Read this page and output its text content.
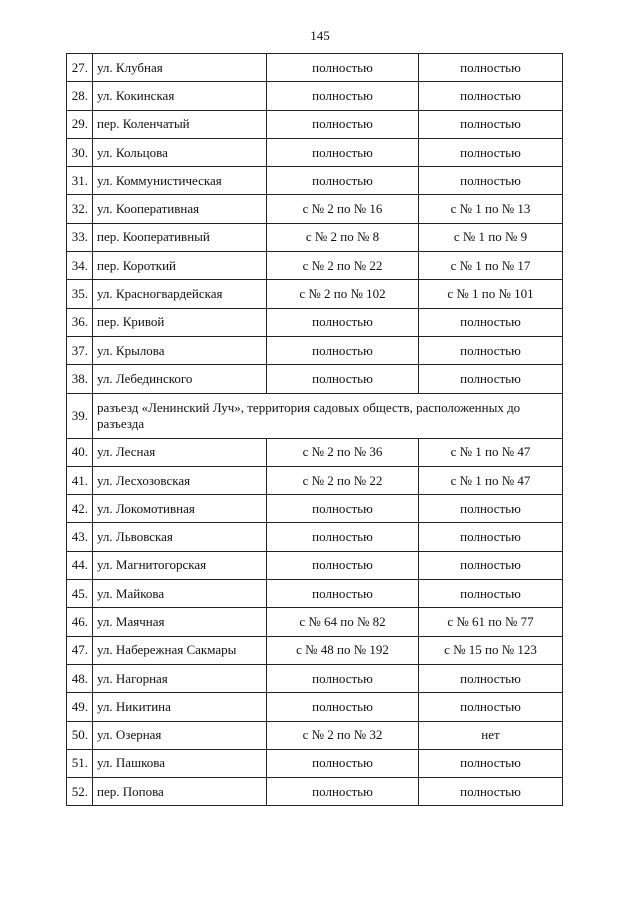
145
27.	ул. Клубная	полностью	полностью
28.	ул. Кокинская	полностью	полностью
29.	пер. Коленчатый	полностью	полностью
30.	ул. Кольцова	полностью	полностью
31.	ул. Коммунистическая	полностью	полностью
32.	ул. Кооперативная	с № 2 по № 16	с № 1 по № 13
33.	пер. Кооперативный	с № 2 по № 8	с № 1 по № 9
34.	пер. Короткий	с № 2 по № 22	с № 1 по № 17
35.	ул. Красногвардейская	с № 2 по № 102	с № 1 по № 101
36.	пер. Кривой	полностью	полностью
37.	ул. Крылова	полностью	полностью
38.	ул. Лебединского	полностью	полностью
39.	разъезд «Ленинский Луч», территория садовых обществ, расположенных до разъезда		
40.	ул. Лесная	с № 2 по № 36	с № 1 по № 47
41.	ул. Лесхозовская	с № 2 по № 22	с № 1 по № 47
42.	ул. Локомотивная	полностью	полностью
43.	ул. Львовская	полностью	полностью
44.	ул. Магнитогорская	полностью	полностью
45.	ул. Майкова	полностью	полностью
46.	ул. Маячная	с № 64 по № 82	с № 61 по № 77
47.	ул. Набережная Сакмары	с № 48 по № 192	с № 15 по № 123
48.	ул. Нагорная	полностью	полностью
49.	ул. Никитина	полностью	полностью
50.	ул. Озерная	с № 2 по № 32	нет
51.	ул. Пашкова	полностью	полностью
52.	пер. Попова	полностью	полностью
